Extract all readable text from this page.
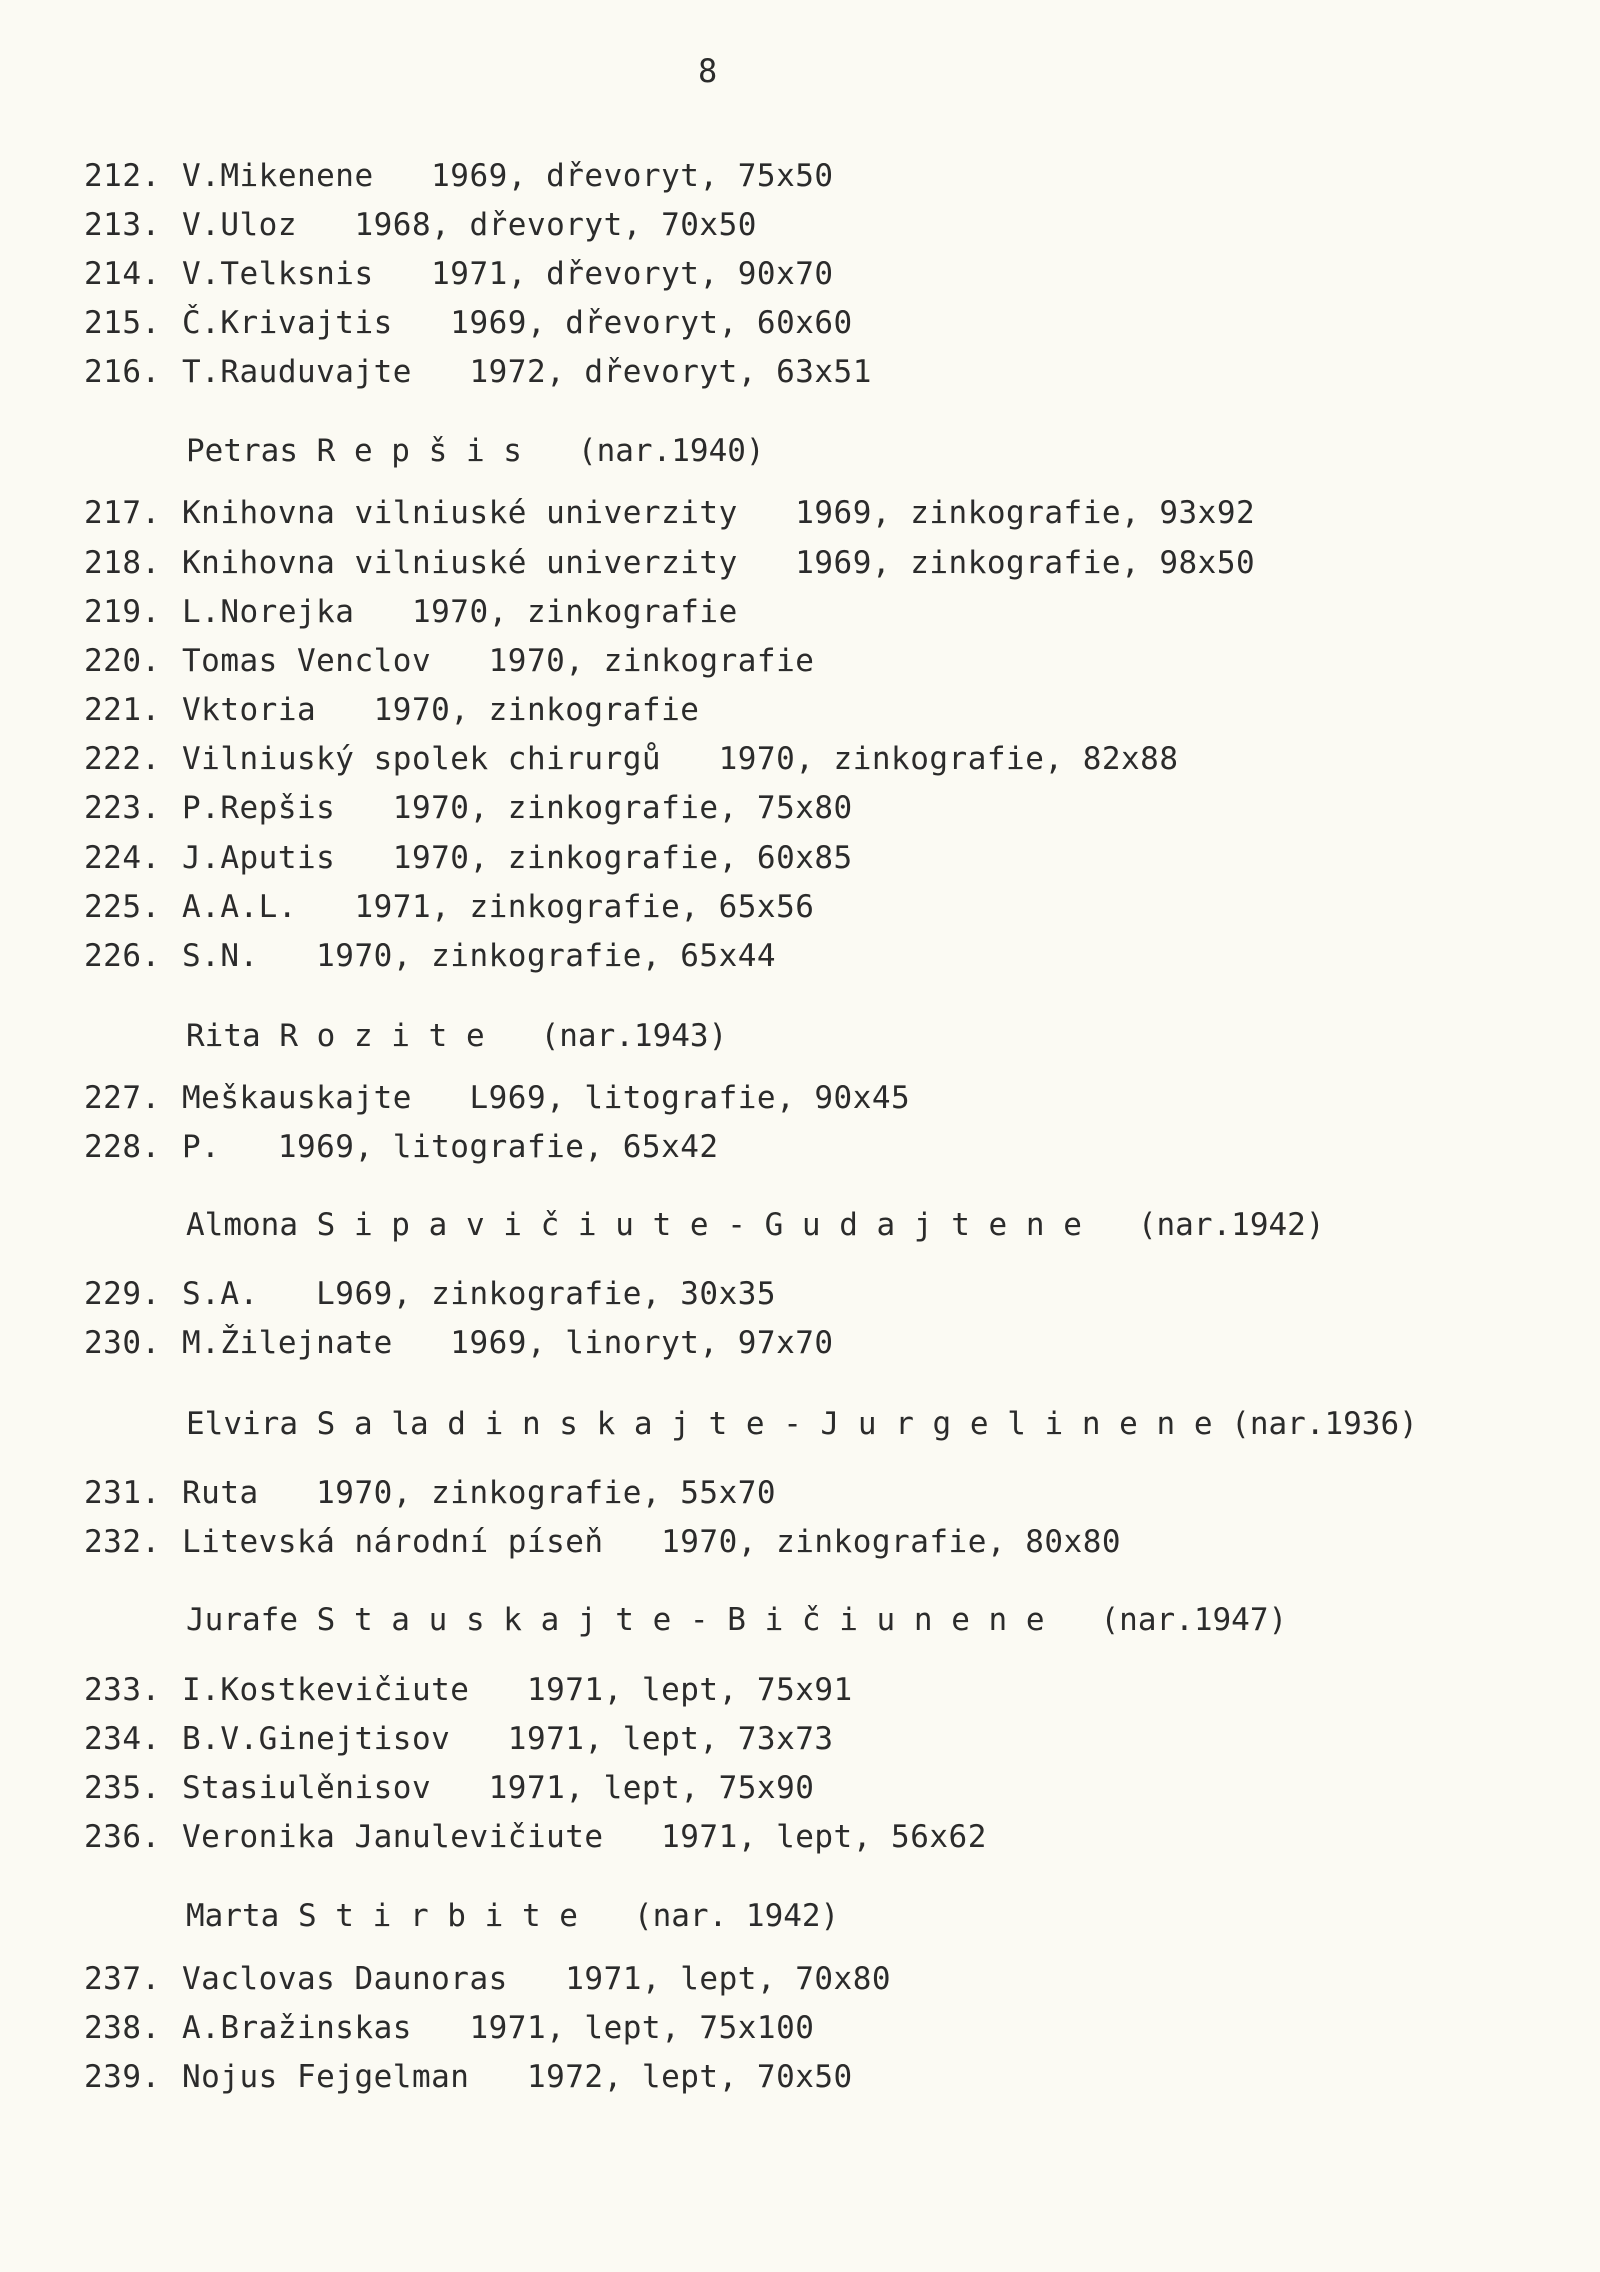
8
212. V.Mikenene   1969, dřevoryt, 75x50
213. V.Uloz   1968, dřevoryt, 70x50
214. V.Telksnis   1971, dřevoryt, 90x70
215. Č.Krivajtis   1969, dřevoryt, 60x60
216. T.Rauduvajte   1972, dřevoryt, 63x51
Petras R e p š i s   (nar.1940)
217. Knihovna vilniuské univerzity   1969, zinkografie, 93x92
218. Knihovna vilniuské univerzity   1969, zinkografie, 98x50
219. L.Norejka   1970, zinkografie
220. Tomas Venclov   1970, zinkografie
221. Vktoria   1970, zinkografie
222. Vilniuský spolek chirurgů   1970, zinkografie, 82x88
223. P.Repšis   1970, zinkografie, 75x80
224. J.Aputis   1970, zinkografie, 60x85
225. A.A.L.   1971, zinkografie, 65x56
226. S.N.   1970, zinkografie, 65x44
Rita R o z i t e   (nar.1943)
227. Meškauskajte   L969, litografie, 90x45
228. P.   1969, litografie, 65x42
Almona S i p a v i č i u t e - G u d a j t e n e   (nar.1942)
229. S.A.   L969, zinkografie, 30x35
230. M.Žilejnate   1969, linoryt, 97x70
Elvira S a la d i n s k a j t e - J u r g e l i n e n e (nar.1936)
231. Ruta   1970, zinkografie, 55x70
232. Litevská národní píseň   1970, zinkografie, 80x80
Jurafe S t a u s k a j t e - B i č i u n e n e   (nar.1947)
233. I.Kostkevičiute   1971, lept, 75x91
234. B.V.Ginejtisov   1971, lept, 73x73
235. Stasiulěnisov   1971, lept, 75x90
236. Veronika Janulevičiute   1971, lept, 56x62
Marta S t i r b i t e   (nar. 1942)
237. Vaclovas Daunoras   1971, lept, 70x80
238. A.Bražinskas   1971, lept, 75x100
239. Nojus Fejgelman   1972, lept, 70x50
